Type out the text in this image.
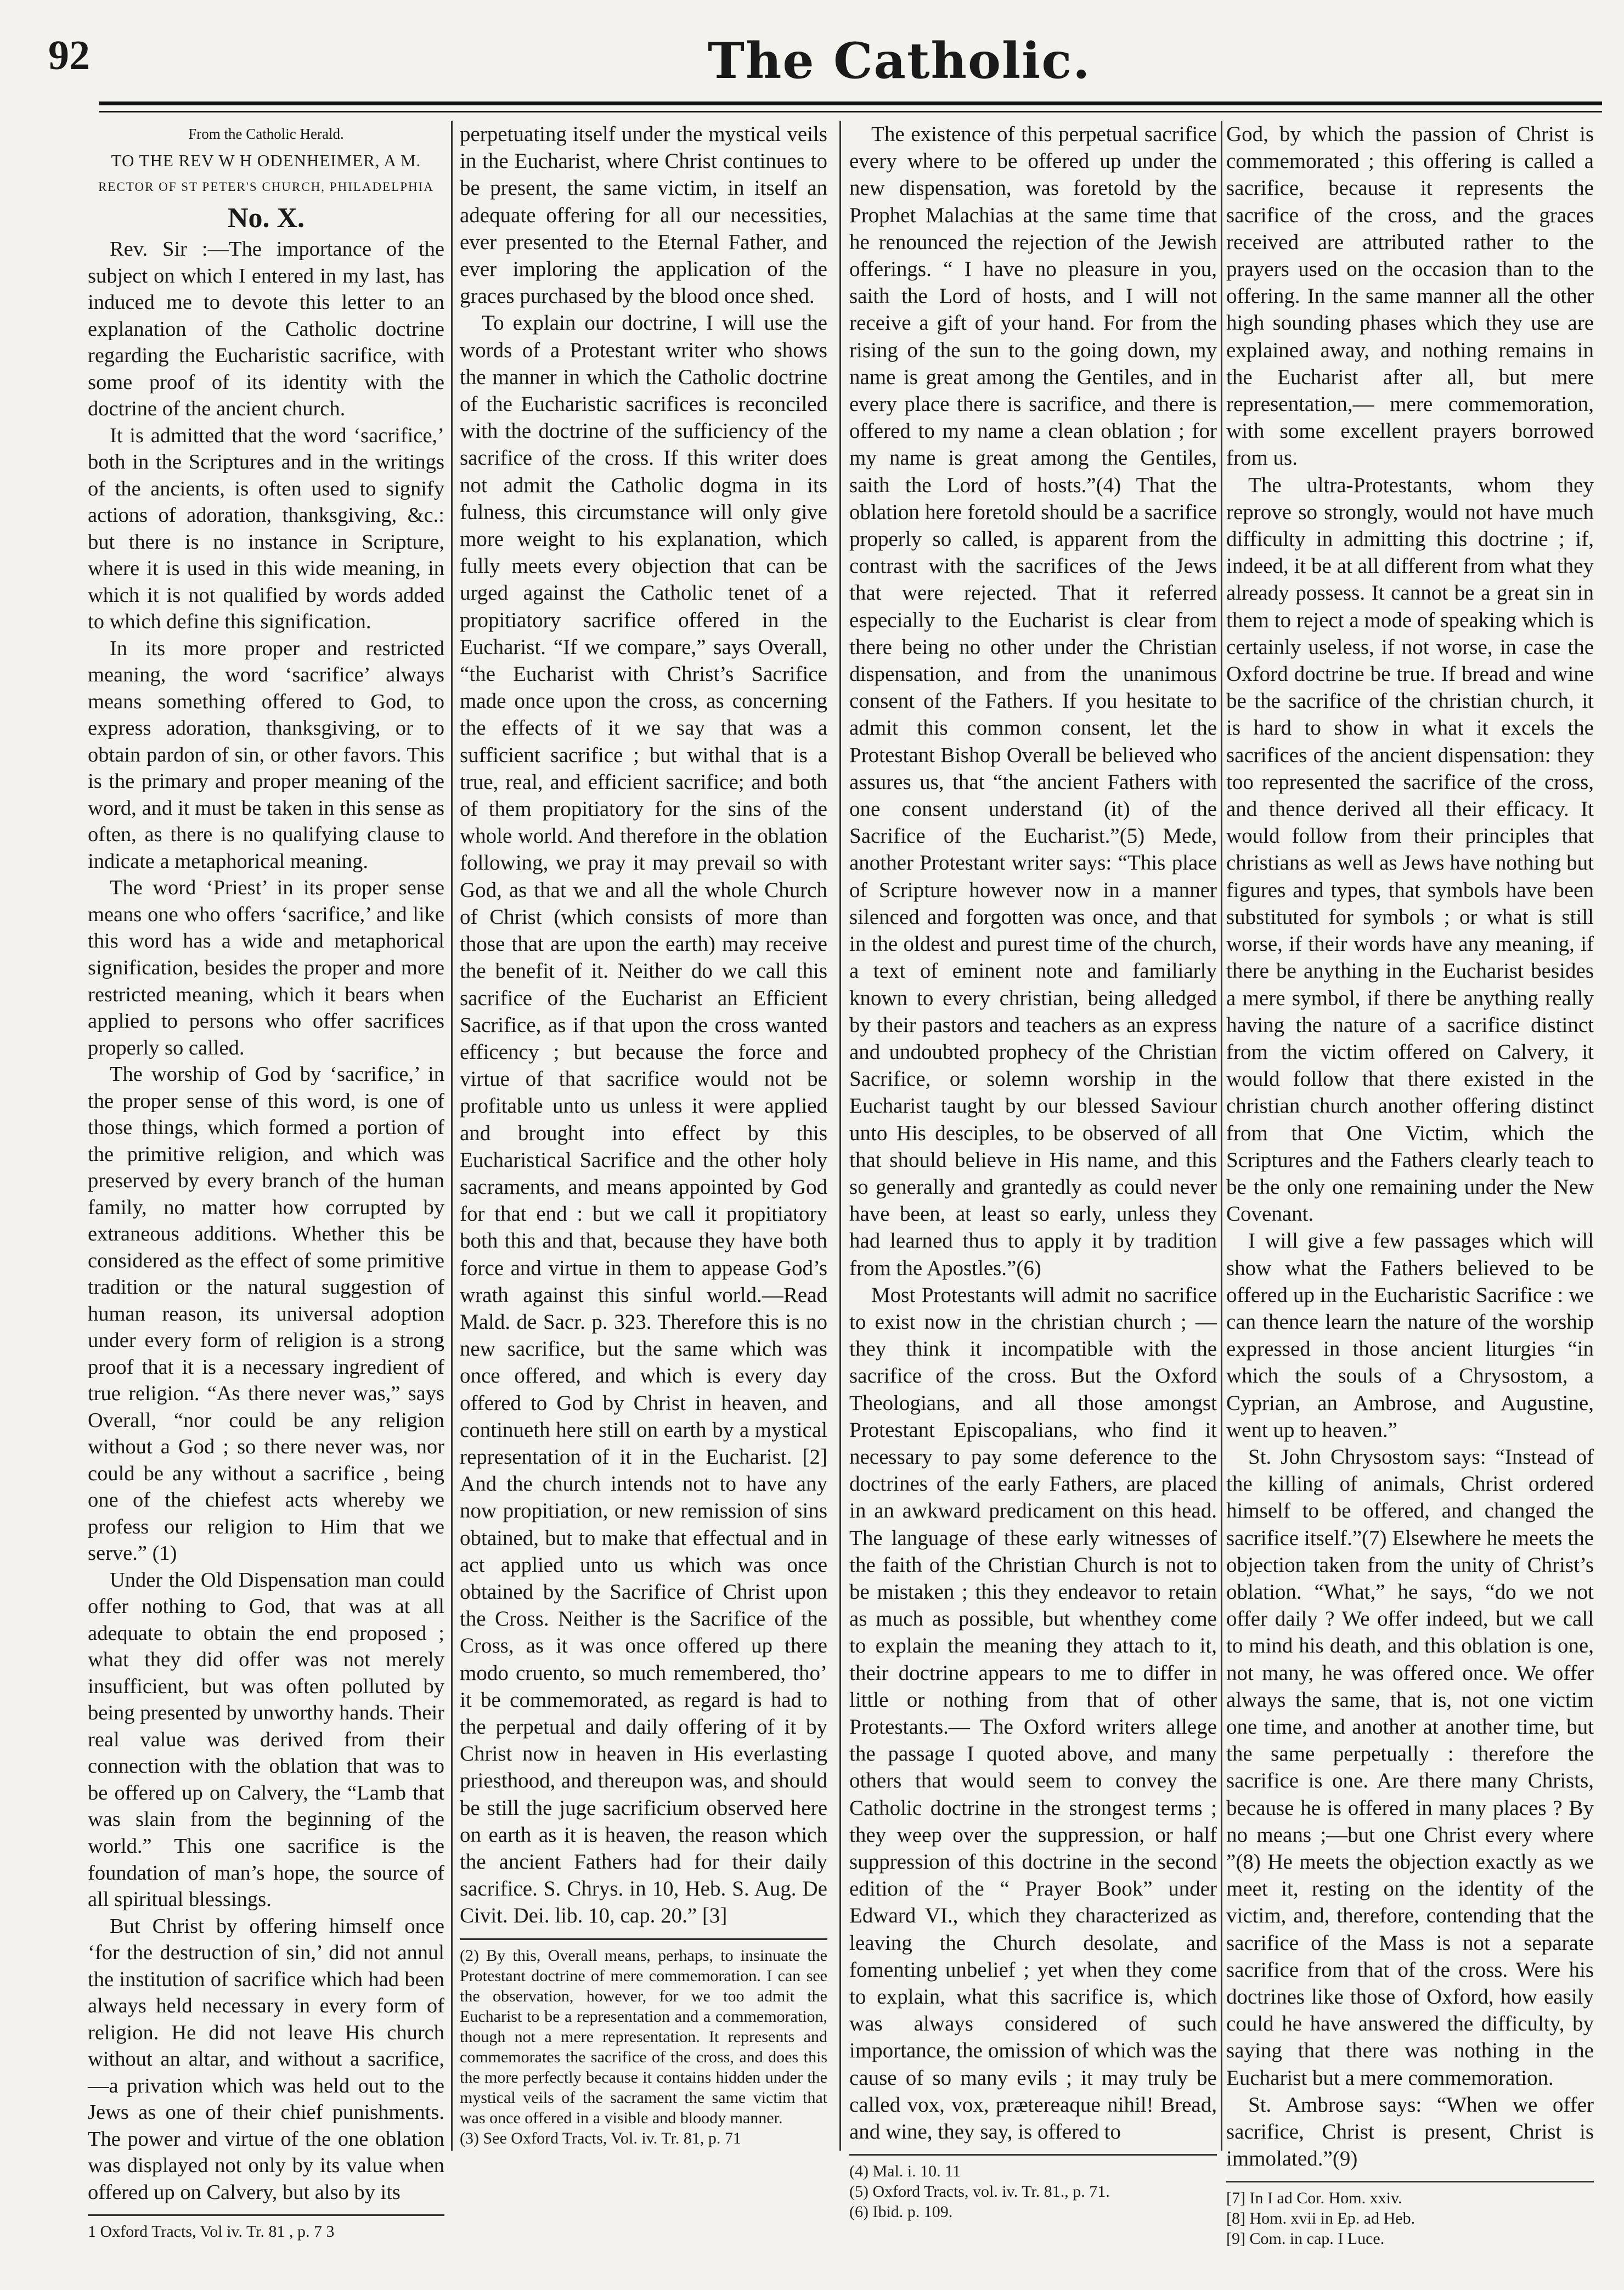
92	The Catholic.

From the Catholic Herald.

TO THE REV W H ODENHEIMER, A M.

RECTOR OF ST PETER'S CHURCH, PHILADELPHIA

No. X.

Rev. Sir :—The importance of the subject on which I entered in my last, has induced me to devote this letter to an explanation of the Catholic doctrine regarding the Eucharistic sacrifice, with some proof of its identity with the doctrine of the ancient church.

It is admitted that the word ‘sacrifice,’ both in the Scriptures and in the writings of the ancients, is often used to signify actions of adoration, thanksgiving, &c.: but there is no instance in Scripture, where it is used in this wide meaning, in which it is not qualified by words added to which define this signification.

In its more proper and restricted meaning, the word ‘sacrifice’ always means something offered to God, to express adoration, thanksgiving, or to obtain pardon of sin, or other favors. This is the primary and proper meaning of the word, and it must be taken in this sense as often, as there is no qualifying clause to indicate a metaphorical meaning.

The word ‘Priest’ in its proper sense means one who offers ‘sacrifice,’ and like this word has a wide and metaphorical signification, besides the proper and more restricted meaning, which it bears when applied to persons who offer sacrifices properly so called.

The worship of God by ‘sacrifice,’ in the proper sense of this word, is one of those things, which formed a portion of the primitive religion, and which was preserved by every branch of the human family, no matter how corrupted by extraneous additions. Whether this be considered as the effect of some primitive tradition or the natural suggestion of human reason, its universal adoption under every form of religion is a strong proof that it is a necessary ingredient of true religion. “As there never was,” says Overall, “nor could be any religion without a God ; so there never was, nor could be any without a sacrifice , being one of the chiefest acts whereby we profess our religion to Him that we serve.” (1)

Under the Old Dispensation man could offer nothing to God, that was at all adequate to obtain the end proposed ; what they did offer was not merely insufficient, but was often polluted by being presented by unworthy hands. Their real value was derived from their connection with the oblation that was to be offered up on Calvery, the “Lamb that was slain from the beginning of the world.” This one sacrifice is the foundation of man’s hope, the source of all spiritual blessings.

But Christ by offering himself once ‘for the destruction of sin,’ did not annul the institution of sacrifice which had been always held necessary in every form of religion. He did not leave His church without an altar, and without a sacrifice, —a privation which was held out to the Jews as one of their chief punishments. The power and virtue of the one oblation was displayed not only by its value when offered up on Calvery, but also by its

1 Oxford Tracts, Vol iv. Tr. 81 , p. 7 3

perpetuating itself under the mystical veils in the Eucharist, where Christ continues to be present, the same victim, in itself an adequate offering for all our necessities, ever presented to the Eternal Father, and ever imploring the application of the graces purchased by the blood once shed.

To explain our doctrine, I will use the words of a Protestant writer who shows the manner in which the Catholic doctrine of the Eucharistic sacrifices is reconciled with the doctrine of the sufficiency of the sacrifice of the cross. If this writer does not admit the Catholic dogma in its fulness, this circumstance will only give more weight to his explanation, which fully meets every objection that can be urged against the Catholic tenet of a propitiatory sacrifice offered in the Eucharist. “If we compare,” says Overall, “the Eucharist with Christ’s Sacrifice made once upon the cross, as concerning the effects of it we say that was a sufficient sacrifice ; but withal that is a true, real, and efficient sacrifice; and both of them propitiatory for the sins of the whole world. And therefore in the oblation following, we pray it may prevail so with God, as that we and all the whole Church of Christ (which consists of more than those that are upon the earth) may receive the benefit of it. Neither do we call this sacrifice of the Eucharist an Efficient Sacrifice, as if that upon the cross wanted efficency ; but because the force and virtue of that sacrifice would not be profitable unto us unless it were applied and brought into effect by this Eucharistical Sacrifice and the other holy sacraments, and means appointed by God for that end : but we call it propitiatory both this and that, because they have both force and virtue in them to appease God’s wrath against this sinful world.—Read Mald. de Sacr. p. 323. Therefore this is no new sacrifice, but the same which was once offered, and which is every day offered to God by Christ in heaven, and continueth here still on earth by a mystical representation of it in the Eucharist. [2] And the church intends not to have any now propitiation, or new remission of sins obtained, but to make that effectual and in act applied unto us which was once obtained by the Sacrifice of Christ upon the Cross. Neither is the Sacrifice of the Cross, as it was once offered up there modo cruento, so much remembered, tho’ it be commemorated, as regard is had to the perpetual and daily offering of it by Christ now in heaven in His everlasting priesthood, and thereupon was, and should be still the juge sacrificium observed here on earth as it is heaven, the reason which the ancient Fathers had for their daily sacrifice. S. Chrys. in 10, Heb. S. Aug. De Civit. Dei. lib. 10, cap. 20.” [3]

(2) By this, Overall means, perhaps, to insinuate the Protestant doctrine of mere commemoration. I can see the observation, however, for we too admit the Eucharist to be a representation and a commemoration, though not a mere representation. It represents and commemorates the sacrifice of the cross, and does this the more perfectly because it contains hidden under the mystical veils of the sacrament the same victim that was once offered in a visible and bloody manner.

(3) See Oxford Tracts, Vol. iv. Tr. 81, p. 71

The existence of this perpetual sacrifice every where to be offered up under the new dispensation, was foretold by the Prophet Malachias at the same time that he renounced the rejection of the Jewish offerings. “ I have no pleasure in you, saith the Lord of hosts, and I will not receive a gift of your hand. For from the rising of the sun to the going down, my name is great among the Gentiles, and in every place there is sacrifice, and there is offered to my name a clean oblation ; for my name is great among the Gentiles, saith the Lord of hosts.”(4) That the oblation here foretold should be a sacrifice properly so called, is apparent from the contrast with the sacrifices of the Jews that were rejected. That it referred especially to the Eucharist is clear from there being no other under the Christian dispensation, and from the unanimous consent of the Fathers. If you hesitate to admit this common consent, let the Protestant Bishop Overall be believed who assures us, that “the ancient Fathers with one consent understand (it) of the Sacrifice of the Eucharist.”(5) Mede, another Protestant writer says: “This place of Scripture however now in a manner silenced and forgotten was once, and that in the oldest and purest time of the church, a text of eminent note and familiarly known to every christian, being alledged by their pastors and teachers as an express and undoubted prophecy of the Christian Sacrifice, or solemn worship in the Eucharist taught by our blessed Saviour unto His desciples, to be observed of all that should believe in His name, and this so generally and grantedly as could never have been, at least so early, unless they had learned thus to apply it by tradition from the Apostles.”(6)

Most Protestants will admit no sacrifice to exist now in the christian church ; —they think it incompatible with the sacrifice of the cross. But the Oxford Theologians, and all those amongst Protestant Episcopalians, who find it necessary to pay some deference to the doctrines of the early Fathers, are placed in an awkward predicament on this head. The language of these early witnesses of the faith of the Christian Church is not to be mistaken ; this they endeavor to retain as much as possible, but whenthey come to explain the meaning they attach to it, their doctrine appears to me to differ in little or nothing from that of other Protestants.— The Oxford writers allege the passage I quoted above, and many others that would seem to convey the Catholic doctrine in the strongest terms ; they weep over the suppression, or half suppression of this doctrine in the second edition of the “ Prayer Book” under Edward VI., which they characterized as leaving the Church desolate, and fomenting unbelief ; yet when they come to explain, what this sacrifice is, which was always considered of such importance, the omission of which was the cause of so many evils ; it may truly be called vox, vox, prætereaque nihil! Bread, and wine, they say, is offered to

(4) Mal. i. 10. 11

(5) Oxford Tracts, vol. iv. Tr. 81., p. 71.

(6) Ibid. p. 109.

God, by which the passion of Christ is commemorated ; this offering is called a sacrifice, because it represents the sacrifice of the cross, and the graces received are attributed rather to the prayers used on the occasion than to the offering. In the same manner all the other high sounding phases which they use are explained away, and nothing remains in the Eucharist after all, but mere representation,— mere commemoration, with some excellent prayers borrowed from us.

The ultra-Protestants, whom they reprove so strongly, would not have much difficulty in admitting this doctrine ; if, indeed, it be at all different from what they already possess. It cannot be a great sin in them to reject a mode of speaking which is certainly useless, if not worse, in case the Oxford doctrine be true. If bread and wine be the sacrifice of the christian church, it is hard to show in what it excels the sacrifices of the ancient dispensation: they too represented the sacrifice of the cross, and thence derived all their efficacy. It would follow from their principles that christians as well as Jews have nothing but figures and types, that symbols have been substituted for symbols ; or what is still worse, if their words have any meaning, if there be anything in the Eucharist besides a mere symbol, if there be anything really having the nature of a sacrifice distinct from the victim offered on Calvery, it would follow that there existed in the christian church another offering distinct from that One Victim, which the Scriptures and the Fathers clearly teach to be the only one remaining under the New Covenant.

I will give a few passages which will show what the Fathers believed to be offered up in the Eucharistic Sacrifice : we can thence learn the nature of the worship expressed in those ancient liturgies “in which the souls of a Chrysostom, a Cyprian, an Ambrose, and Augustine, went up to heaven.”

St. John Chrysostom says: “Instead of the killing of animals, Christ ordered himself to be offered, and changed the sacrifice itself.”(7) Elsewhere he meets the objection taken from the unity of Christ’s oblation. “What,” he says, “do we not offer daily ? We offer indeed, but we call to mind his death, and this oblation is one, not many, he was offered once. We offer always the same, that is, not one victim one time, and another at another time, but the same perpetually : therefore the sacrifice is one. Are there many Christs, because he is offered in many places ? By no means ;—but one Christ every where ”(8) He meets the objection exactly as we meet it, resting on the identity of the victim, and, therefore, contending that the sacrifice of the Mass is not a separate sacrifice from that of the cross. Were his doctrines like those of Oxford, how easily could he have answered the difficulty, by saying that there was nothing in the Eucharist but a mere commemoration.

St. Ambrose says: “When we offer sacrifice, Christ is present, Christ is immolated.”(9)

[7] In I ad Cor. Hom. xxiv.

[8] Hom. xvii in Ep. ad Heb.

[9] Com. in cap. I Luce.
